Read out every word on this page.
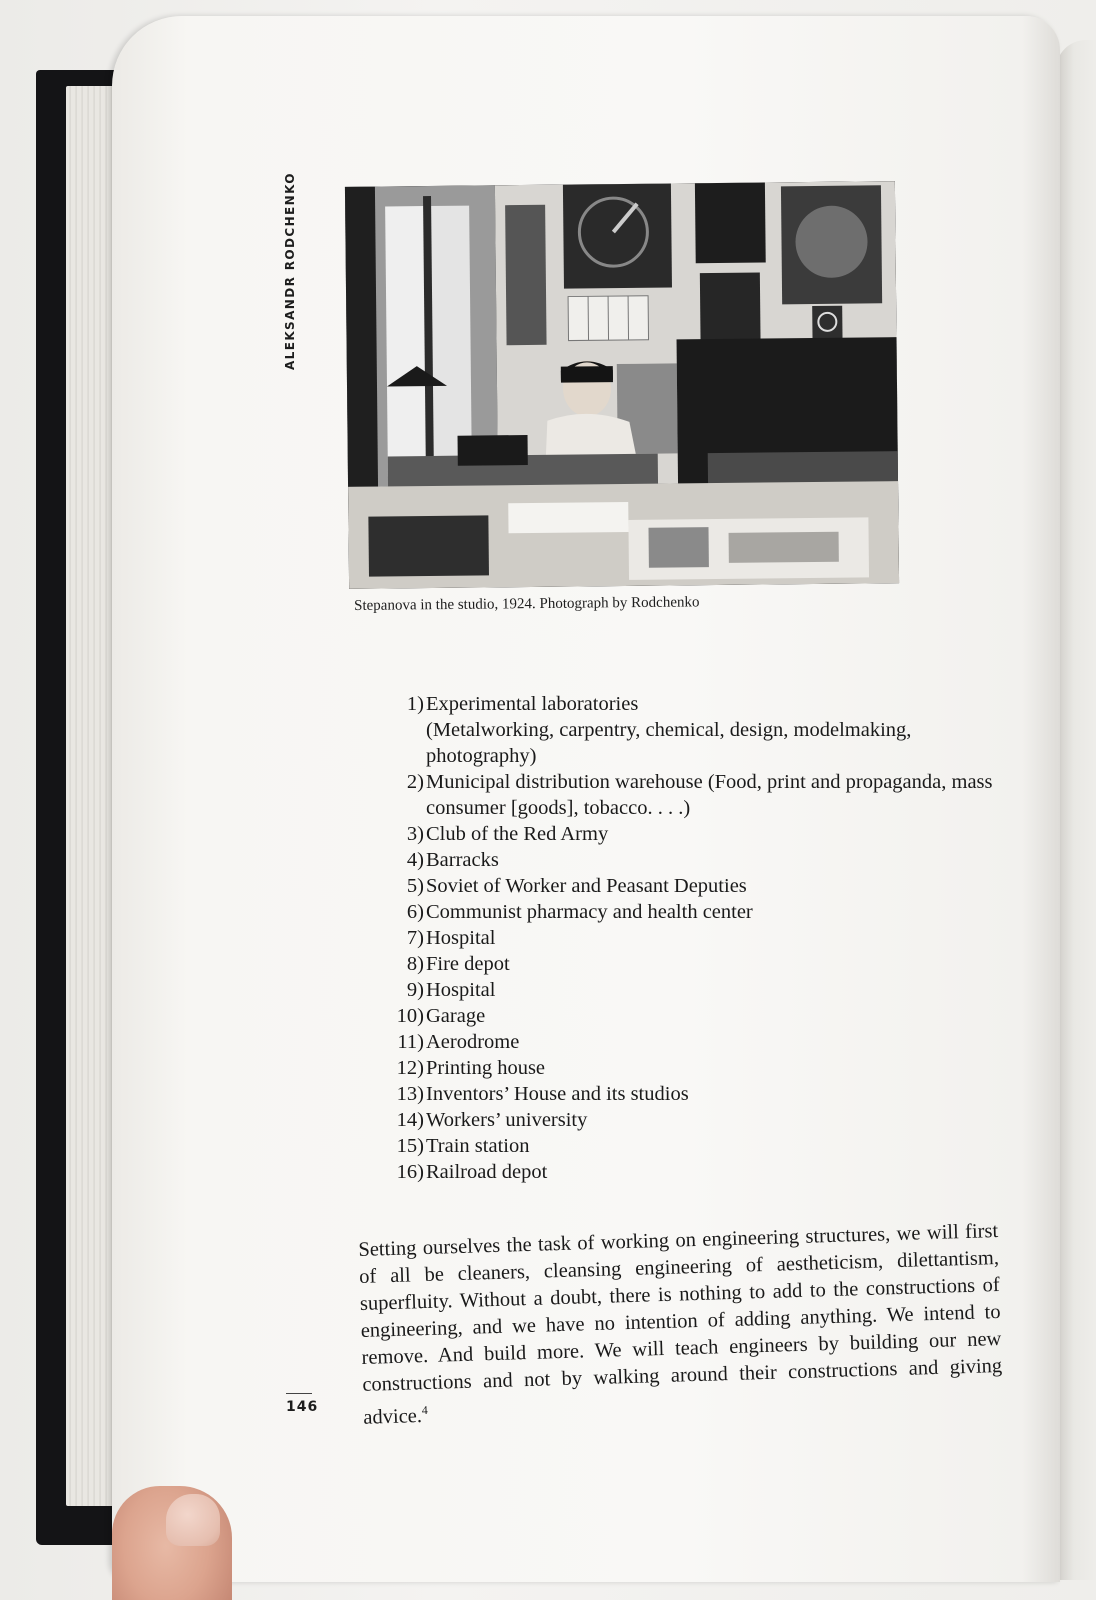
ALEKSANDR RODCHENKO
Stepanova in the studio, 1924. Photograph by Rodchenko
1) Experimental laboratories
(Metalworking, carpentry, chemical, design, modelmaking, photography)
2) Municipal distribution warehouse (Food, print and propaganda, mass consumer [goods], tobacco. . . .)
3) Club of the Red Army
4) Barracks
5) Soviet of Worker and Peasant Deputies
6) Communist pharmacy and health center
7) Hospital
8) Fire depot
9) Hospital
10) Garage
11) Aerodrome
12) Printing house
13) Inventors’ House and its studios
14) Workers’ university
15) Train station
16) Railroad depot

Setting ourselves the task of working on engineering structures, we will first of all be cleaners, cleansing engineering of aestheticism, dilettantism, superfluity. Without a doubt, there is nothing to add to the constructions of engineering, and we have no intention of adding anything. We intend to remove. And build more. We will teach engineers by building our new constructions and not by walking around their constructions and giving advice.$^4$

146
